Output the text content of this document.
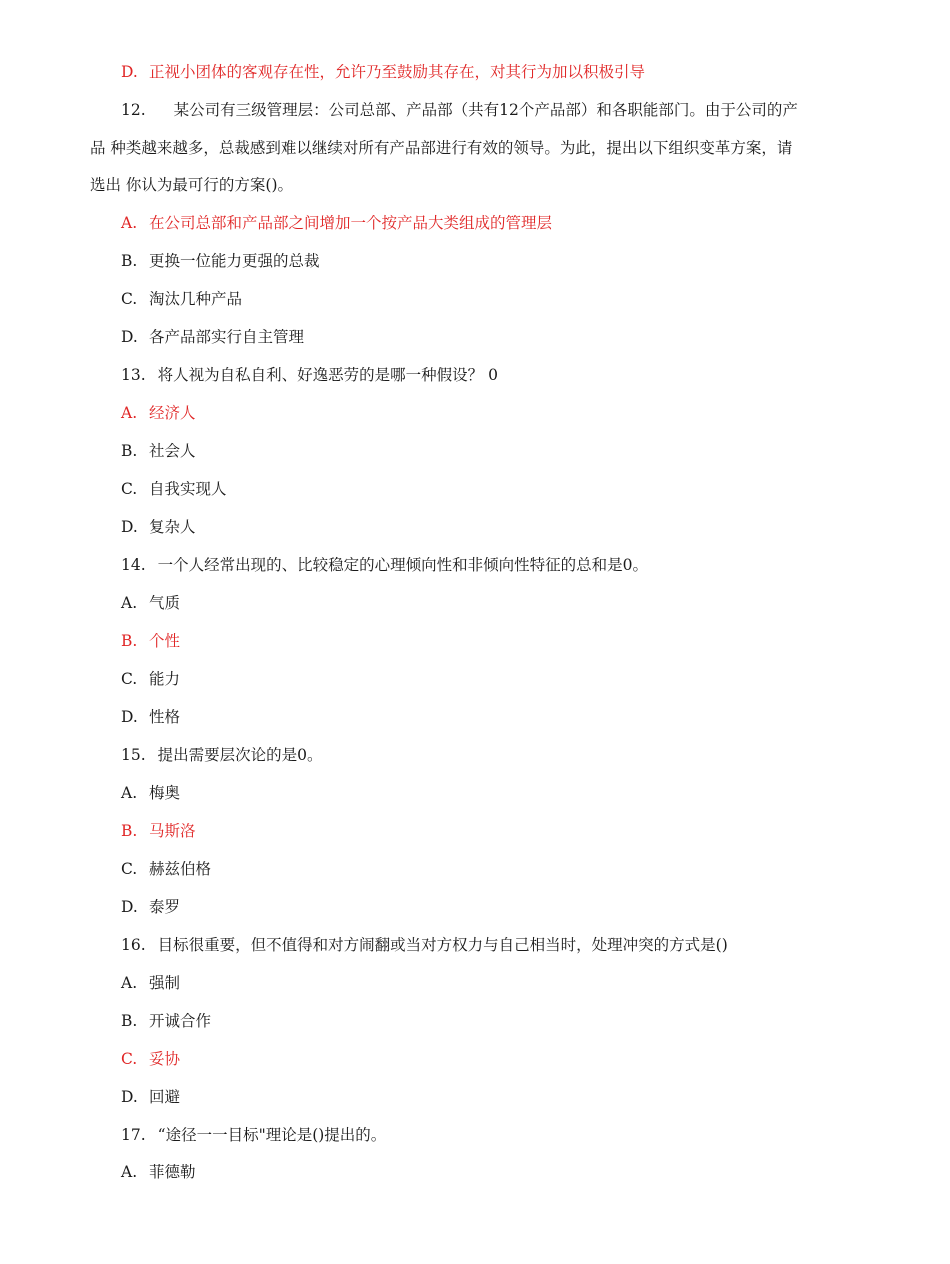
D. 正视小团体的客观存在性，允许乃至鼓励其存在，对其行为加以积极引导
12. 某公司有三级管理层：公司总部、产品部（共有12个产品部）和各职能部门。由于公司的产
品 种类越来越多，总裁感到难以继续对所有产品部进行有效的领导。为此，提出以下组织变革方案，请
选出 你认为最可行的方案()。
A. 在公司总部和产品部之间增加一个按产品大类组成的管理层
B. 更换一位能力更强的总裁
C. 淘汰几种产品
D. 各产品部实行自主管理
13. 将人视为自私自利、好逸恶劳的是哪一种假设？ 0
A. 经济人
B. 社会人
C. 自我实现人
D. 复杂人
14. 一个人经常出现的、比较稳定的心理倾向性和非倾向性特征的总和是0。
A. 气质
B. 个性
C. 能力
D. 性格
15. 提出需要层次论的是0。
A. 梅奥
B. 马斯洛
C. 赫兹伯格
D. 泰罗
16. 目标很重要，但不值得和对方闹翻或当对方权力与自己相当时，处理冲突的方式是()
A. 强制
B. 开诚合作
C. 妥协
D. 回避
17. “途径一一目标"理论是()提出的。
A. 菲德勒
